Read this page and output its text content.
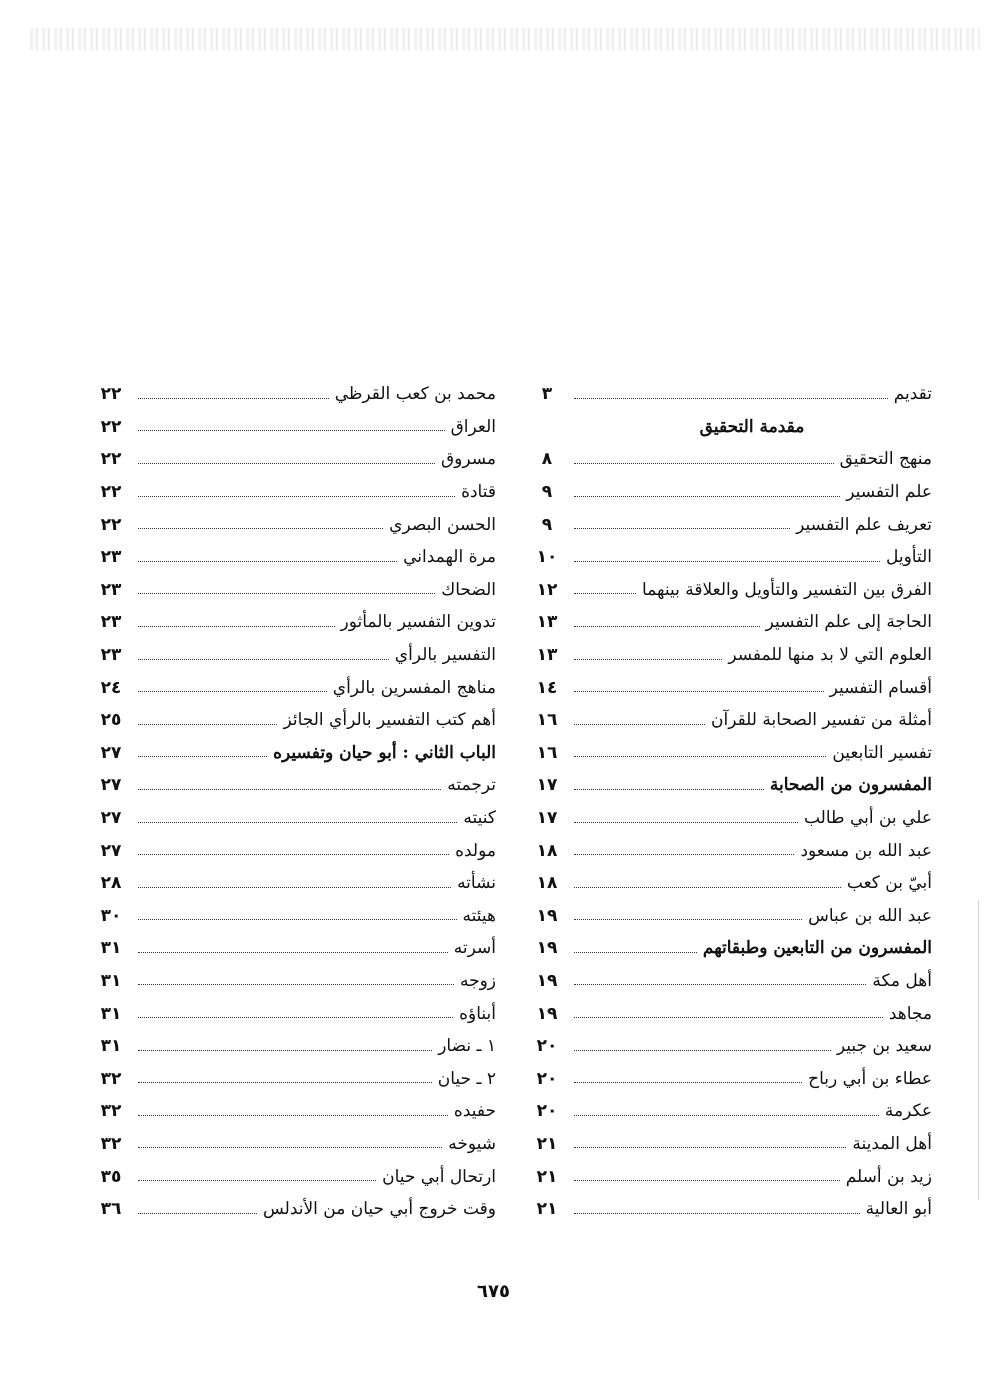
تقديم
٣
مقدمة التحقيق
منهج التحقيق
٨
علم التفسير
٩
تعريف علم التفسير
٩
التأويل
١٠
الفرق بين التفسير والتأويل والعلاقة بينهما
١٢
الحاجة إلى علم التفسير
١٣
العلوم التي لا بد منها للمفسر
١٣
أقسام التفسير
١٤
أمثلة من تفسير الصحابة للقرآن
١٦
تفسير التابعين
١٦
المفسرون من الصحابة
١٧
علي بن أبي طالب
١٧
عبد الله بن مسعود
١٨
أبيّ بن كعب
١٨
عبد الله بن عباس
١٩
المفسرون من التابعين وطبقاتهم
١٩
أهل مكة
١٩
مجاهد
١٩
سعيد بن جبير
٢٠
عطاء بن أبي رباح
٢٠
عكرمة
٢٠
أهل المدينة
٢١
زيد بن أسلم
٢١
أبو العالية
٢١
محمد بن كعب القرظي
٢٢
العراق
٢٢
مسروق
٢٢
قتادة
٢٢
الحسن البصري
٢٢
مرة الهمداني
٢٣
الضحاك
٢٣
تدوين التفسير بالمأثور
٢٣
التفسير بالرأي
٢٣
مناهج المفسرين بالرأي
٢٤
أهم كتب التفسير بالرأي الجائز
٢٥
الباب الثاني : أبو حيان وتفسيره
٢٧
ترجمته
٢٧
كنيته
٢٧
مولده
٢٧
نشأته
٢٨
هيئته
٣٠
أسرته
٣١
زوجه
٣١
أبناؤه
٣١
١ ـ نضار
٣١
٢ ـ حيان
٣٢
حفيده
٣٢
شيوخه
٣٢
ارتحال أبي حيان
٣٥
وقت خروج أبي حيان من الأندلس
٣٦
٦٧٥
